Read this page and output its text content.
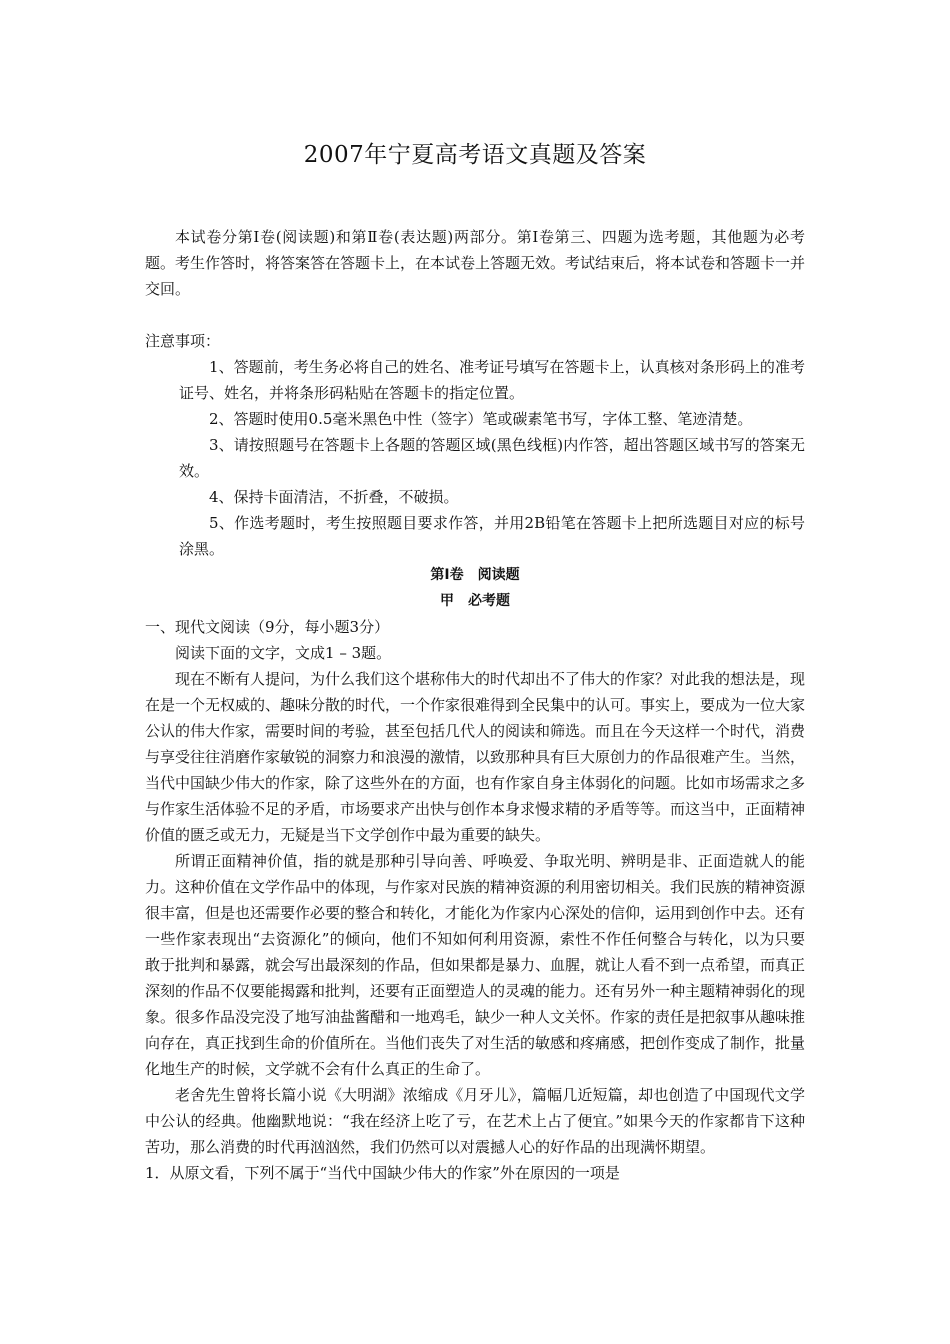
2007年宁夏高考语文真题及答案

本试卷分第Ⅰ卷(阅读题)和第Ⅱ卷(表达题)两部分。第Ⅰ卷第三、四题为选考题，其他题为必考题。考生作答时，将答案答在答题卡上，在本试卷上答题无效。考试结束后，将本试卷和答题卡一并交回。

注意事项：

1、答题前，考生务必将自己的姓名、准考证号填写在答题卡上，认真核对条形码上的准考证号、姓名，并将条形码粘贴在答题卡的指定位置。

2、答题时使用0.5毫米黑色中性（签字）笔或碳素笔书写，字体工整、笔迹清楚。

3、请按照题号在答题卡上各题的答题区域(黑色线框)内作答，超出答题区域书写的答案无效。

4、保持卡面清洁，不折叠，不破损。

5、作选考题时，考生按照题目要求作答，并用2B铅笔在答题卡上把所选题目对应的标号涂黑。

第Ⅰ卷　阅读题

甲　必考题

一、现代文阅读（9分，每小题3分）

阅读下面的文字，文成1 – 3题。

现在不断有人提问，为什么我们这个堪称伟大的时代却出不了伟大的作家？对此我的想法是，现在是一个无权威的、趣味分散的时代，一个作家很难得到全民集中的认可。事实上，要成为一位大家公认的伟大作家，需要时间的考验，甚至包括几代人的阅读和筛选。而且在今天这样一个时代，消费与享受往往消磨作家敏锐的洞察力和浪漫的激情，以致那种具有巨大原创力的作品很难产生。当然，当代中国缺少伟大的作家，除了这些外在的方面，也有作家自身主体弱化的问题。比如市场需求之多与作家生活体验不足的矛盾，市场要求产出快与创作本身求慢求精的矛盾等等。而这当中，正面精神价值的匮乏或无力，无疑是当下文学创作中最为重要的缺失。

所谓正面精神价值，指的就是那种引导向善、呼唤爱、争取光明、辨明是非、正面造就人的能力。这种价值在文学作品中的体现，与作家对民族的精神资源的利用密切相关。我们民族的精神资源很丰富，但是也还需要作必要的整合和转化，才能化为作家内心深处的信仰，运用到创作中去。还有一些作家表现出“去资源化”的倾向，他们不知如何利用资源，索性不作任何整合与转化，以为只要敢于批判和暴露，就会写出最深刻的作品，但如果都是暴力、血腥，就让人看不到一点希望，而真正深刻的作品不仅要能揭露和批判，还要有正面塑造人的灵魂的能力。还有另外一种主题精神弱化的现象。很多作品没完没了地写油盐酱醋和一地鸡毛，缺少一种人文关怀。作家的责任是把叙事从趣味推向存在，真正找到生命的价值所在。当他们丧失了对生活的敏感和疼痛感，把创作变成了制作，批量化地生产的时候，文学就不会有什么真正的生命了。

老舍先生曾将长篇小说《大明湖》浓缩成《月牙儿》，篇幅几近短篇，却也创造了中国现代文学中公认的经典。他幽默地说：“我在经济上吃了亏，在艺术上占了便宜。”如果今天的作家都肯下这种苦功，那么消费的时代再汹汹然，我们仍然可以对震撼人心的好作品的出现满怀期望。

1．从原文看，下列不属于“当代中国缺少伟大的作家”外在原因的一项是
